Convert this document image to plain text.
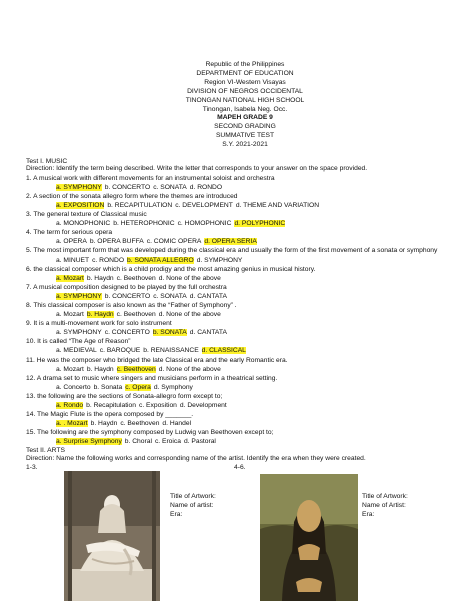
Republic of the Philippines
DEPARTMENT OF EDUCATION
Region VI-Western Visayas
DIVISION OF NEGROS OCCIDENTAL
TINONGAN NATIONAL HIGH SCHOOL
Tinongan, Isabela Neg. Occ.
MAPEH GRADE 9
SECOND GRADING
SUMMATIVE TEST
S.Y. 2021-2021
Test I. MUSIC
Direction: Identify the term being described. Write the letter that corresponds to your answer on the space provided.
1. A musical work with different movements for an instrumental soloist and orchestra
a. SYMPHONY b. CONCERTO c. SONATA d. RONDO
2. A section of the sonata allegro form where the themes are introduced
a. EXPOSITION b. RECAPITULATION c. DEVELOPMENT d. THEME AND VARIATION
3. The general texture of Classical music
a. MONOPHONIC b. HETEROPHONIC c. HOMOPHONIC d. POLYPHONIC
4. The term for serious opera
a. OPERA b. OPERA BUFFA c. COMIC OPERA d. OPERA SERIA
5. The most important form that was developed during the classical era and usually the form of the first movement of a sonata or symphony
a. MINUET c. RONDO b. SONATA ALLEGRO d. SYMPHONY
6. the classical composer which is a child prodigy and the most amazing genius in musical history.
a. Mozart b. Haydn c. Beethoven d. None of the above
7. A musical composition designed to be played by the full orchestra
a. SYMPHONY b. CONCERTO c. SONATA d. CANTATA
8. This classical composer is also known as the “Father of Symphony” .
a. Mozart b. Haydn c. Beethoven d. None of the above
9. It is a multi-movement work for solo instrument
a. SYMPHONY c. CONCERTO b. SONATA d. CANTATA
10. It is called “The Age of Reason”
a. MEDIEVAL c. BAROQUE b. RENAISSANCE d. CLASSICAL
11. He was the composer who bridged the late Classical era and the early Romantic era.
a. Mozart b. Haydn c. Beethoven d. None of the above
12. A drama set to music where singers and musicians perform in a theatrical setting.
a. Concerto b. Sonata c. Opera d. Symphony
13. the following are the sections of Sonata-allegro form except to;
a. Rondo b. Recapitulation c. Exposition d. Development
14. The Magic Flute is the opera composed by _______.
a. . Mozart b. Haydn c. Beethoven d. Handel
15. The following are the symphony composed by Ludwig van Beethoven except to;
a. Surprise Symphony b. Choral c. Eroica d. Pastoral
Test II. ARTS
Direction: Name the following works and corresponding name of the artist. Identify the era when they were created.
1-3.
Title of Artwork:
Name of artist:
Era:
4-6.
Title of Artwork:
Name of Artist:
Era:
